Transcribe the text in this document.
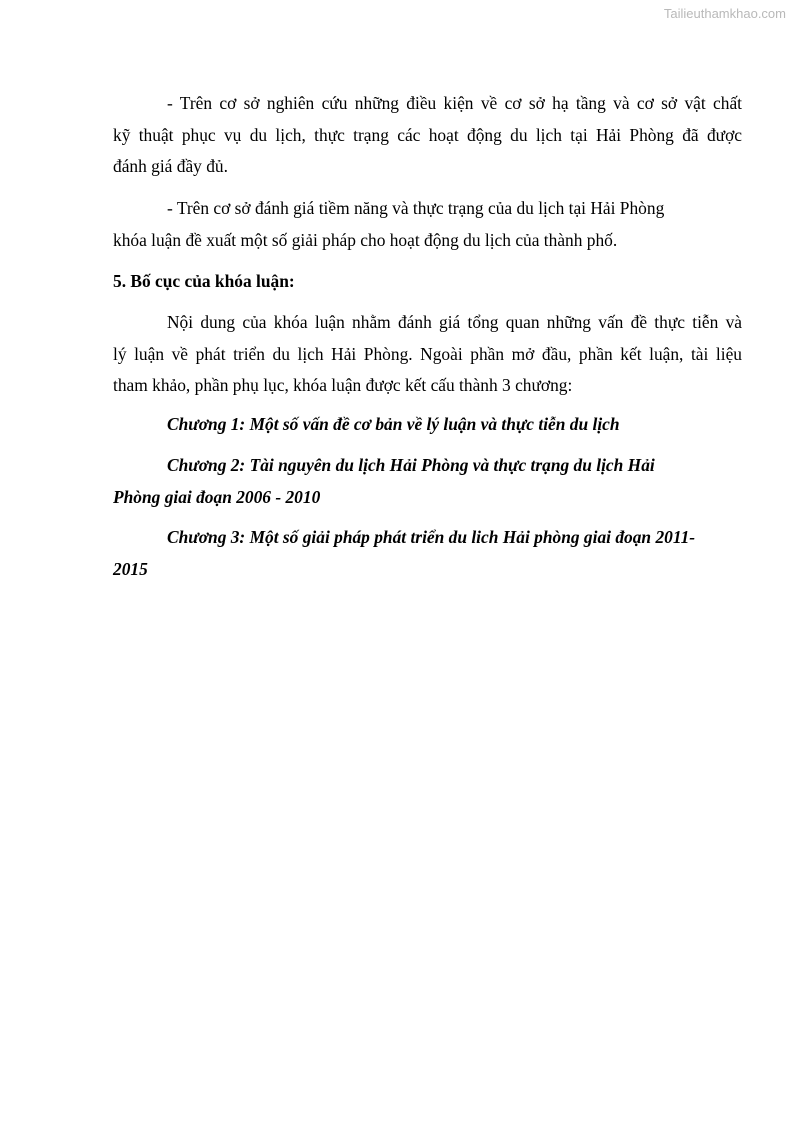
Tailieuthamkhao.com
- Trên cơ sở nghiên cứu những điều kiện về cơ sở hạ tầng và cơ sở vật chất
kỹ thuật phục vụ du lịch, thực trạng các hoạt động du lịch tại Hải Phòng đã được
đánh giá đầy đủ.
- Trên cơ sở đánh giá tiềm năng và thực trạng của du lịch tại Hải Phòng
khóa luận đề xuất một số giải pháp cho hoạt động du lịch của thành phố.
5. Bố cục của khóa luận:
Nội dung của khóa luận nhằm đánh giá tổng quan những vấn đề thực tiễn và
lý luận về phát triển du lịch Hải Phòng. Ngoài phần mở đầu, phần kết luận, tài liệu
tham khảo, phần phụ lục, khóa luận được kết cấu thành 3 chương:
Chương 1: Một số vấn đề cơ bản về lý luận và thực tiễn du lịch
Chương 2: Tài nguyên du lịch Hải Phòng và thực trạng du lịch Hải
Phòng giai đoạn 2006 - 2010
Chương 3: Một số giải pháp phát triển du lich Hải phòng giai đoạn 2011-
2015
